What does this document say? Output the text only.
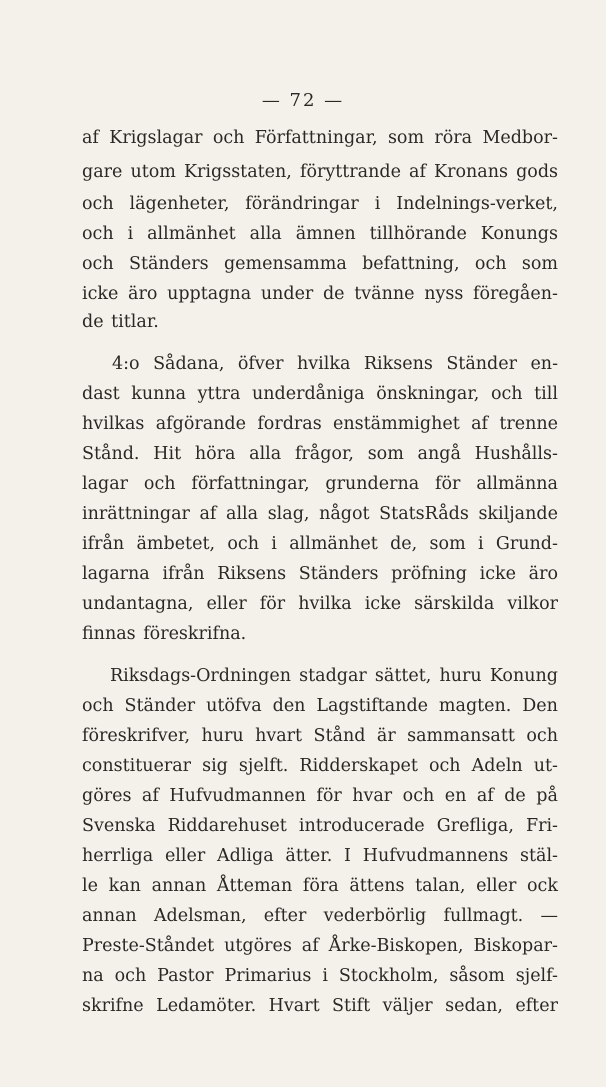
— 72 —
af Krigslagar och Författningar, som röra Medbor-
gare utom Krigsstaten, föryttrande af Kronans gods
och lägenheter, förändringar i Indelnings-verket,
och i allmänhet alla ämnen tillhörande Konungs
och Ständers gemensamma befattning, och som
icke äro upptagna under de tvänne nyss föregåen-
de titlar.
4:o Sådana, öfver hvilka Riksens Ständer en-
dast kunna yttra underdåniga önskningar, och till
hvilkas afgörande fordras enstämmighet af trenne
Stånd. Hit höra alla frågor, som angå Hushålls-
lagar och författningar, grunderna för allmänna
inrättningar af alla slag, något StatsRåds skiljande
ifrån ämbetet, och i allmänhet de, som i Grund-
lagarna ifrån Riksens Ständers pröfning icke äro
undantagna, eller för hvilka icke särskilda vilkor
finnas föreskrifna.
Riksdags-Ordningen stadgar sättet, huru Konung
och Ständer utöfva den Lagstiftande magten. Den
föreskrifver, huru hvart Stånd är sammansatt och
constituerar sig sjelft. Ridderskapet och Adeln ut-
göres af Hufvudmannen för hvar och en af de på
Svenska Riddarehuset introducerade Grefliga, Fri-
herrliga eller Adliga ätter. I Hufvudmannens stäl-
le kan annan Åtteman föra ättens talan, eller ock
annan Adelsman, efter vederbörlig fullmagt. —
Preste-Ståndet utgöres af Årke-Biskopen, Biskopar-
na och Pastor Primarius i Stockholm, såsom sjelf-
skrifne Ledamöter. Hvart Stift väljer sedan, efter
